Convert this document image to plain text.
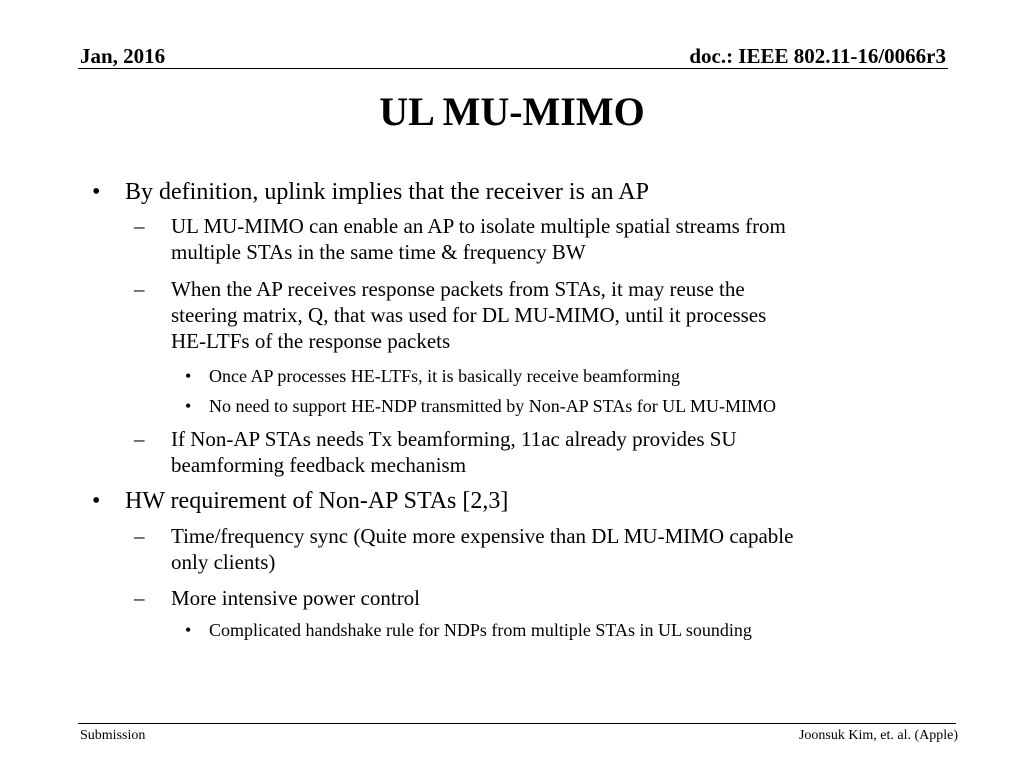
Jan, 2016	doc.: IEEE 802.11-16/0066r3
UL MU-MIMO
•	By definition, uplink implies that the receiver is an AP
–	UL MU-MIMO can enable an AP to isolate multiple spatial streams from
multiple STAs in the same time & frequency BW
–	When the AP receives response packets from STAs, it may reuse the
steering matrix, Q, that was used for DL MU-MIMO, until it processes
HE-LTFs of the response packets
• Once AP processes HE-LTFs, it is basically receive beamforming
• No need to support HE-NDP transmitted by Non-AP STAs for UL MU-MIMO
–	If Non-AP STAs needs Tx beamforming, 11ac already provides SU
beamforming feedback mechanism
•	HW requirement of Non-AP STAs [2,3]
–	Time/frequency sync (Quite more expensive than DL MU-MIMO capable
only clients)
–	More intensive power control
• Complicated handshake rule for NDPs from multiple STAs in UL sounding
Submission	Joonsuk Kim, et. al. (Apple)
